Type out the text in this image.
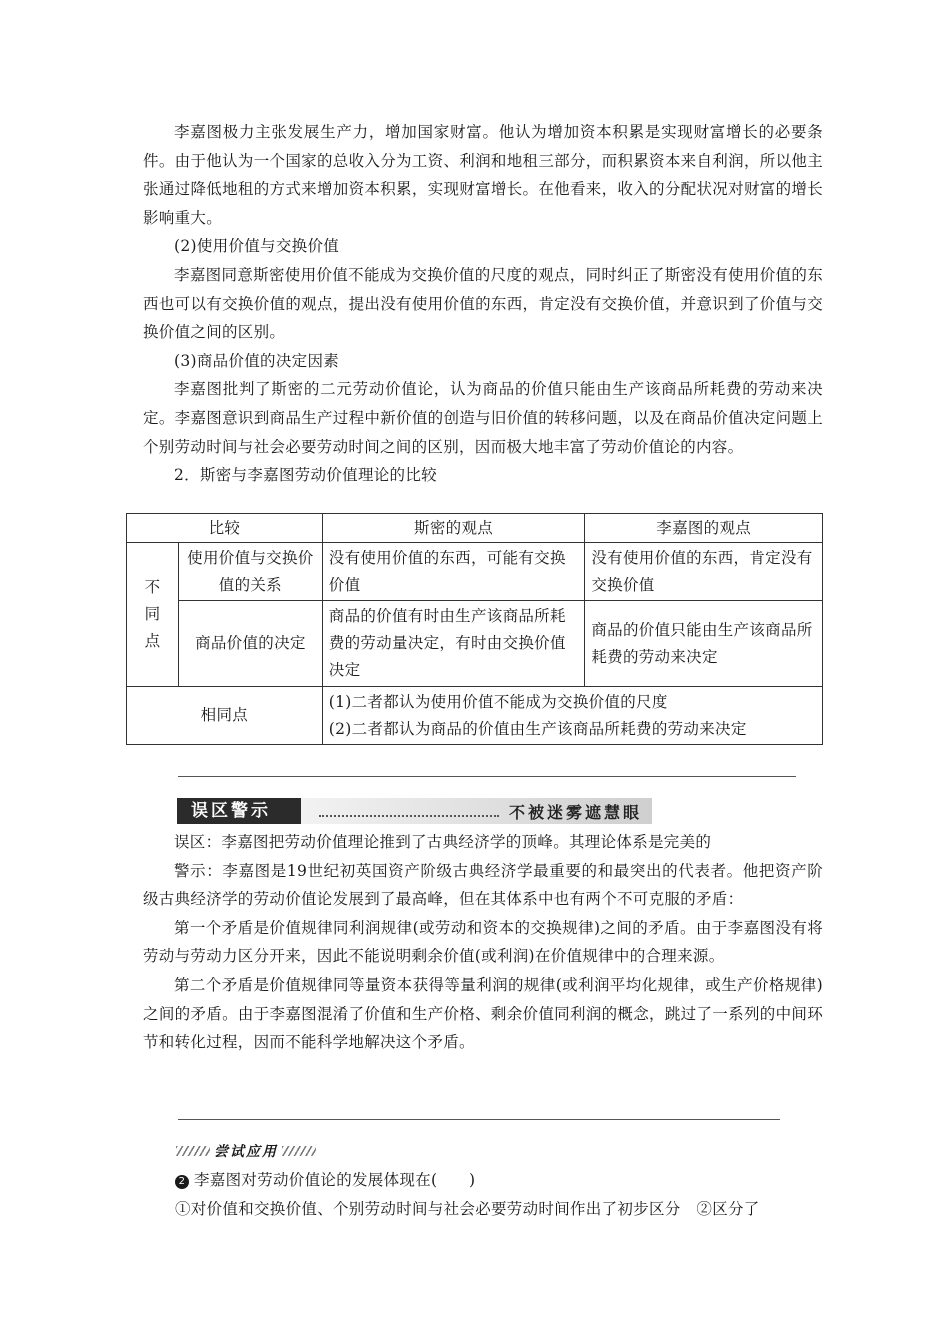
李嘉图极力主张发展生产力，增加国家财富。他认为增加资本积累是实现财富增长的必要条件。由于他认为一个国家的总收入分为工资、利润和地租三部分，而积累资本来自利润，所以他主张通过降低地租的方式来增加资本积累，实现财富增长。在他看来，收入的分配状况对财富的增长影响重大。

(2)使用价值与交换价值

李嘉图同意斯密使用价值不能成为交换价值的尺度的观点，同时纠正了斯密没有使用价值的东西也可以有交换价值的观点，提出没有使用价值的东西，肯定没有交换价值，并意识到了价值与交换价值之间的区别。

(3)商品价值的决定因素

李嘉图批判了斯密的二元劳动价值论，认为商品的价值只能由生产该商品所耗费的劳动来决定。李嘉图意识到商品生产过程中新价值的创造与旧价值的转移问题，以及在商品价值决定问题上个别劳动时间与社会必要劳动时间之间的区别，因而极大地丰富了劳动价值论的内容。

2．斯密与李嘉图劳动价值理论的比较

比较		斯密的观点	李嘉图的观点
不同点	使用价值与交换价值的关系	没有使用价值的东西，可能有交换价值	没有使用价值的东西，肯定没有交换价值
	商品价值的决定	商品的价值有时由生产该商品所耗费的劳动量决定，有时由交换价值决定	商品的价值只能由生产该商品所耗费的劳动来决定
相同点		(1)二者都认为使用价值不能成为交换价值的尺度
(2)二者都认为商品的价值由生产该商品所耗费的劳动来决定	
误区警示	不被迷雾遮慧眼

误区：李嘉图把劳动价值理论推到了古典经济学的顶峰。其理论体系是完美的

警示：李嘉图是19世纪初英国资产阶级古典经济学最重要的和最突出的代表者。他把资产阶级古典经济学的劳动价值论发展到了最高峰，但在其体系中也有两个不可克服的矛盾：

第一个矛盾是价值规律同利润规律(或劳动和资本的交换规律)之间的矛盾。由于李嘉图没有将劳动与劳动力区分开来，因此不能说明剩余价值(或利润)在价值规律中的合理来源。

第二个矛盾是价值规律同等量资本获得等量利润的规律(或利润平均化规律，或生产价格规律)之间的矛盾。由于李嘉图混淆了价值和生产价格、剩余价值同利润的概念，跳过了一系列的中间环节和转化过程，因而不能科学地解决这个矛盾。

尝试应用

2 李嘉图对劳动价值论的发展体现在(　　)

①对价值和交换价值、个别劳动时间与社会必要劳动时间作出了初步区分　②区分了
